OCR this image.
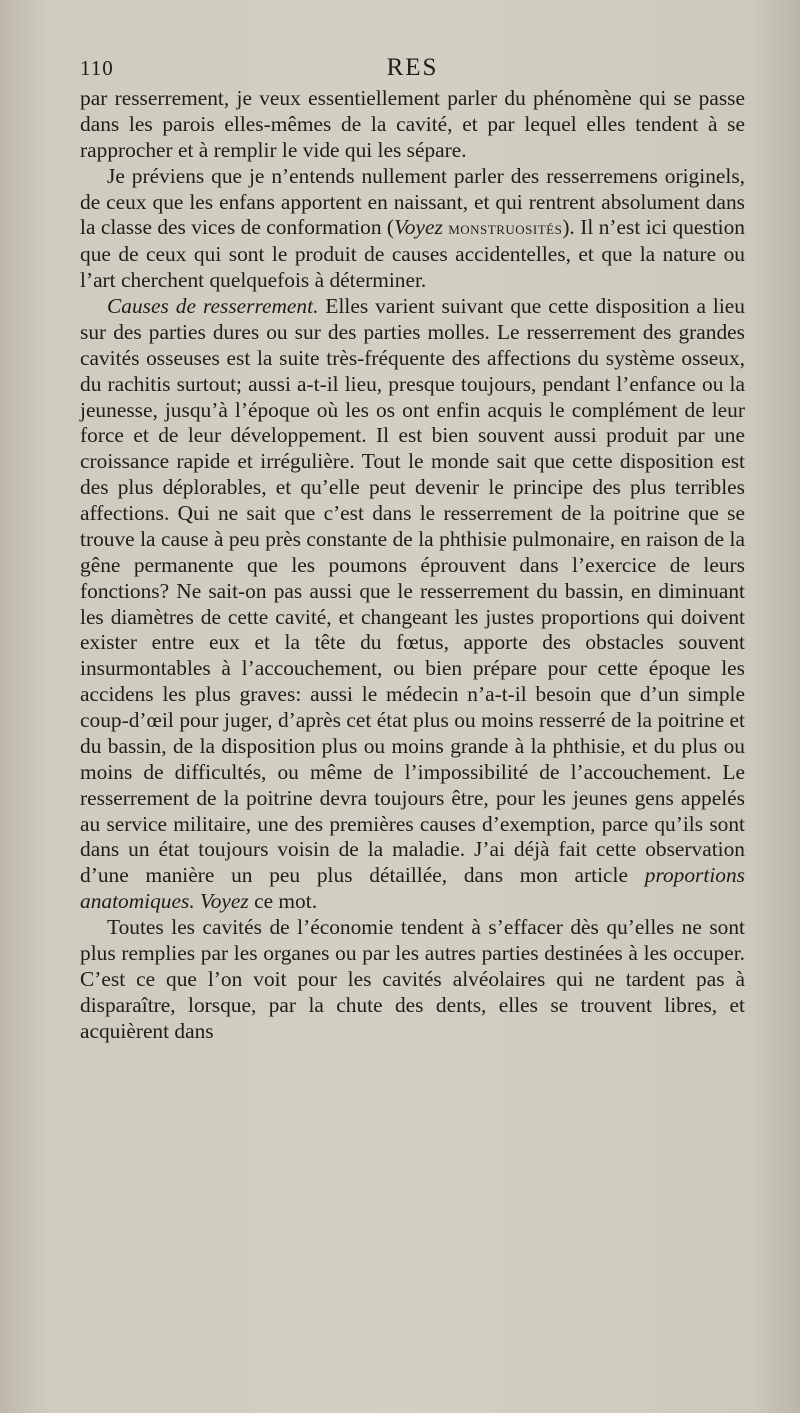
110	RES

par resserrement, je veux essentiellement parler du phénomène qui se passe dans les parois elles-mêmes de la cavité, et par lequel elles tendent à se rapprocher et à remplir le vide qui les sépare.

Je préviens que je n’entends nullement parler des resserremens originels, de ceux que les enfans apportent en naissant, et qui rentrent absolument dans la classe des vices de conformation (Voyez monstruosités). Il n’est ici question que de ceux qui sont le produit de causes accidentelles, et que la nature ou l’art cherchent quelquefois à déterminer.

Causes de resserrement. Elles varient suivant que cette disposition a lieu sur des parties dures ou sur des parties molles. Le resserrement des grandes cavités osseuses est la suite très-fréquente des affections du système osseux, du rachitis surtout; aussi a-t-il lieu, presque toujours, pendant l’enfance ou la jeunesse, jusqu’à l’époque où les os ont enfin acquis le complément de leur force et de leur développement. Il est bien souvent aussi produit par une croissance rapide et irrégulière. Tout le monde sait que cette disposition est des plus déplorables, et qu’elle peut devenir le principe des plus terribles affections. Qui ne sait que c’est dans le resserrement de la poitrine que se trouve la cause à peu près constante de la phthisie pulmonaire, en raison de la gêne permanente que les poumons éprouvent dans l’exercice de leurs fonctions? Ne sait-on pas aussi que le resserrement du bassin, en diminuant les diamètres de cette cavité, et changeant les justes proportions qui doivent exister entre eux et la tête du fœtus, apporte des obstacles souvent insurmontables à l’accouchement, ou bien prépare pour cette époque les accidens les plus graves: aussi le médecin n’a-t-il besoin que d’un simple coup-d’œil pour juger, d’après cet état plus ou moins resserré de la poitrine et du bassin, de la disposition plus ou moins grande à la phthisie, et du plus ou moins de difficultés, ou même de l’impossibilité de l’accouchement. Le resserrement de la poitrine devra toujours être, pour les jeunes gens appelés au service militaire, une des premières causes d’exemption, parce qu’ils sont dans un état toujours voisin de la maladie. J’ai déjà fait cette observation d’une manière un peu plus détaillée, dans mon article proportions anatomiques. Voyez ce mot.

Toutes les cavités de l’économie tendent à s’effacer dès qu’elles ne sont plus remplies par les organes ou par les autres parties destinées à les occuper. C’est ce que l’on voit pour les cavités alvéolaires qui ne tardent pas à disparaître, lorsque, par la chute des dents, elles se trouvent libres, et acquièrent dans
